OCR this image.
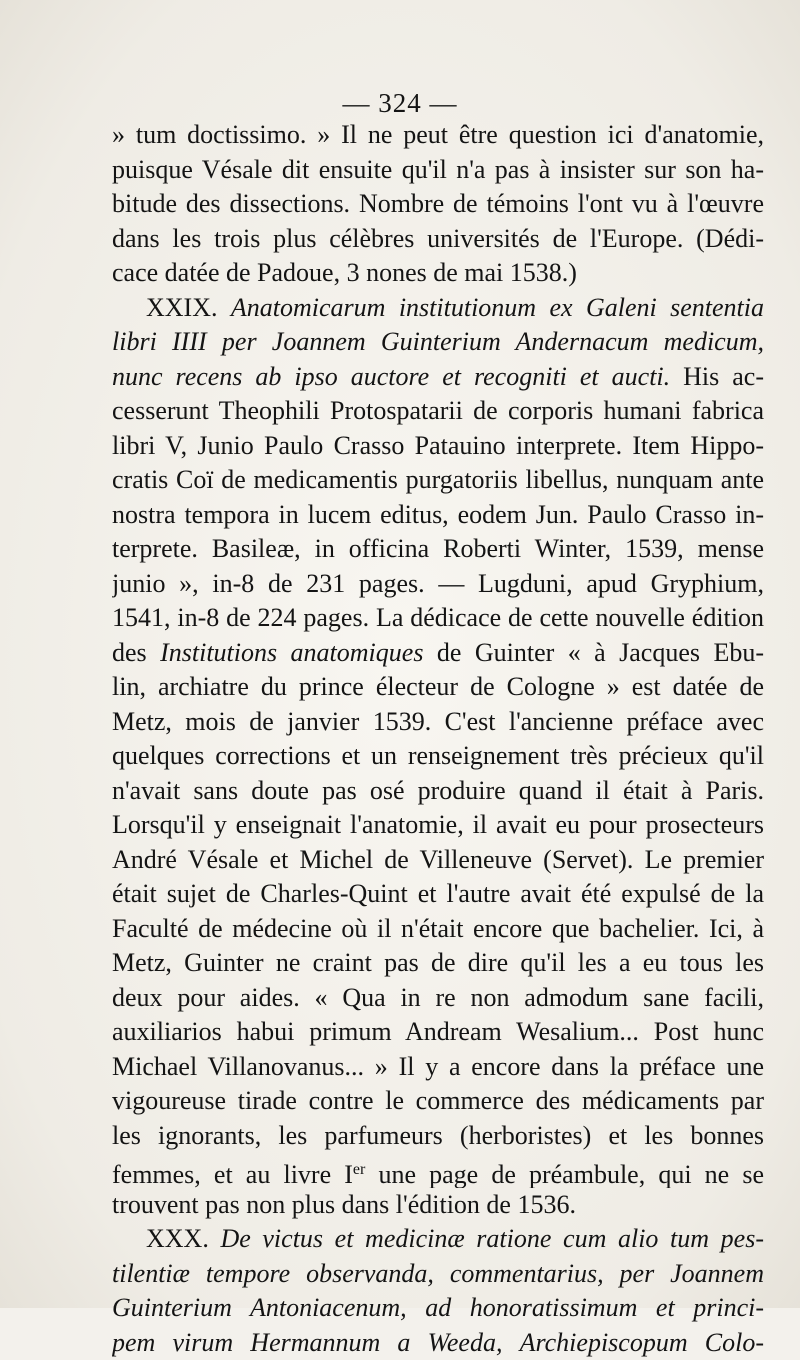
— 324 —
» tum doctissimo. » Il ne peut être question ici d'anatomie,
puisque Vésale dit ensuite qu'il n'a pas à insister sur son ha-
bitude des dissections. Nombre de témoins l'ont vu à l'œuvre
dans les trois plus célèbres universités de l'Europe. (Dédi-
cace datée de Padoue, 3 nones de mai 1538.)
XXIX. Anatomicarum institutionum ex Galeni sententia
libri IIII per Joannem Guinterium Andernacum medicum,
nunc recens ab ipso auctore et recogniti et aucti. His ac-
cesserunt Theophili Protospatarii de corporis humani fabrica
libri V, Junio Paulo Crasso Patauino interprete. Item Hippo-
cratis Coï de medicamentis purgatoriis libellus, nunquam ante
nostra tempora in lucem editus, eodem Jun. Paulo Crasso in-
terprete. Basileæ, in officina Roberti Winter, 1539, mense
junio », in-8 de 231 pages. — Lugduni, apud Gryphium,
1541, in-8 de 224 pages. La dédicace de cette nouvelle édition
des Institutions anatomiques de Guinter « à Jacques Ebu-
lin, archiatre du prince électeur de Cologne » est datée de
Metz, mois de janvier 1539. C'est l'ancienne préface avec
quelques corrections et un renseignement très précieux qu'il
n'avait sans doute pas osé produire quand il était à Paris.
Lorsqu'il y enseignait l'anatomie, il avait eu pour prosecteurs
André Vésale et Michel de Villeneuve (Servet). Le premier
était sujet de Charles-Quint et l'autre avait été expulsé de la
Faculté de médecine où il n'était encore que bachelier. Ici, à
Metz, Guinter ne craint pas de dire qu'il les a eu tous les
deux pour aides. « Qua in re non admodum sane facili,
auxiliarios habui primum Andream Wesalium... Post hunc
Michael Villanovanus... » Il y a encore dans la préface une
vigoureuse tirade contre le commerce des médicaments par
les ignorants, les parfumeurs (herboristes) et les bonnes
femmes, et au livre Ier une page de préambule, qui ne se
trouvent pas non plus dans l'édition de 1536.
XXX. De victus et medicinæ ratione cum alio tum pes-
tilentiæ tempore observanda, commentarius, per Joannem
Guinterium Antoniacenum, ad honoratissimum et princi-
pem virum Hermannum a Weeda, Archiepiscopum Colo-
